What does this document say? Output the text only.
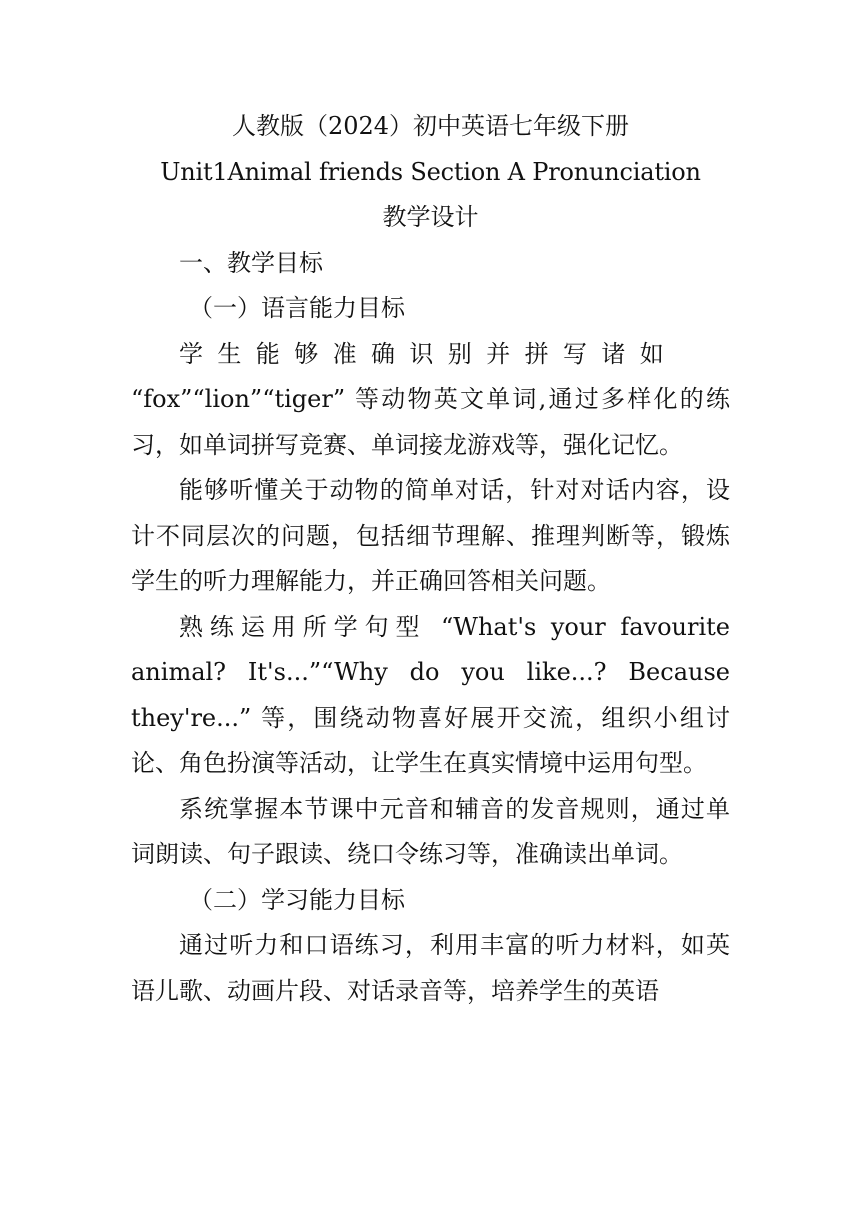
人教版（2024）初中英语七年级下册

Unit1Animal friends Section A Pronunciation

教学设计

一、教学目标

（一）语言能力目标

学生能够准确识别并拼写诸如

“fox”“lion”“tiger” 等动物英文单词,通过多样化的练习，如单词拼写竞赛、单词接龙游戏等，强化记忆。

能够听懂关于动物的简单对话，针对对话内容，设计不同层次的问题，包括细节理解、推理判断等，锻炼学生的听力理解能力，并正确回答相关问题。

熟练运用所学句型 “What's your favourite animal? It's...”“Why do you like...? Because they're...” 等，围绕动物喜好展开交流，组织小组讨论、角色扮演等活动，让学生在真实情境中运用句型。

系统掌握本节课中元音和辅音的发音规则，通过单词朗读、句子跟读、绕口令练习等，准确读出单词。

（二）学习能力目标

通过听力和口语练习，利用丰富的听力材料，如英语儿歌、动画片段、对话录音等，培养学生的英语
